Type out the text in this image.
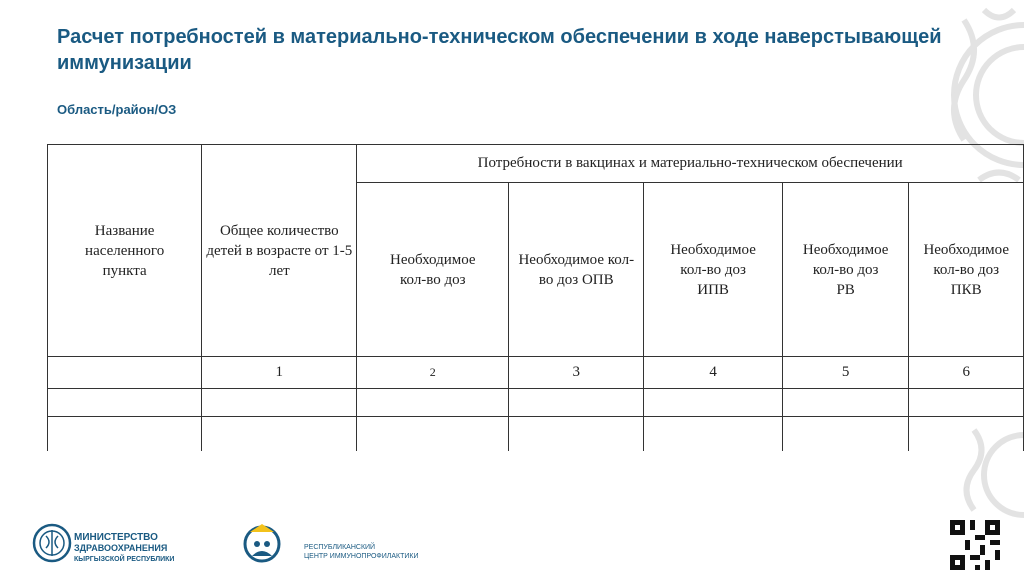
Расчет потребностей в материально-техническом обеспечении в ходе наверстывающей иммунизации
Область/район/ОЗ
Название населенного пункта	Общее количество детей в возрасте от 1-5 лет	Потребности в вакцинах и материально-техническом обеспечении				

		Необходимое кол-во доз	Необходимое кол-во доз ОПВ	Необходимое кол-во доз ИПВ	Необходимое кол-во доз РВ	Необходимое кол-во доз ПКВ

	1	2	3	4	5	6

МИНИСТЕРСТВО
ЗДРАВООХРАНЕНИЯ
КЫРГЫЗСКОЙ РЕСПУБЛИКИ
РЕСПУБЛИКАНСКИЙ
ЦЕНТР ИММУНОПРОФИЛАКТИКИ
